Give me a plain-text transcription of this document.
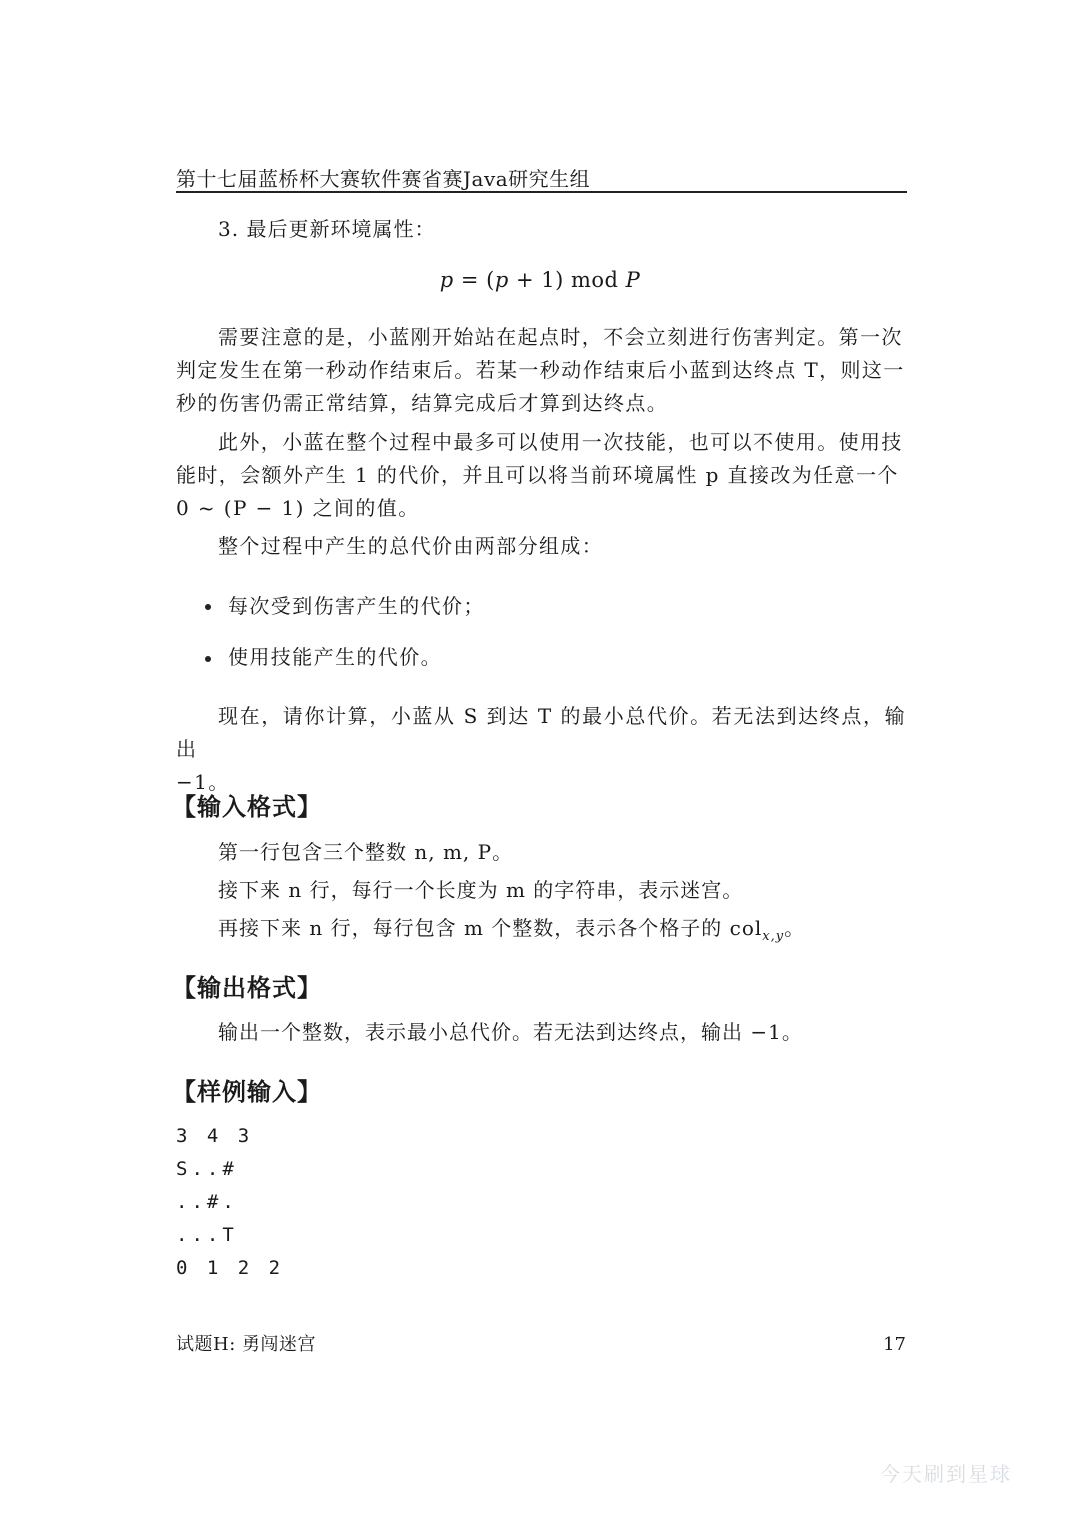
第十七届蓝桥杯大赛软件赛省赛Java研究生组
3. 最后更新环境属性：
p = (p + 1) mod P
需要注意的是，小蓝刚开始站在起点时，不会立刻进行伤害判定。第一次
判定发生在第一秒动作结束后。若某一秒动作结束后小蓝到达终点 T，则这一
秒的伤害仍需正常结算，结算完成后才算到达终点。
此外，小蓝在整个过程中最多可以使用一次技能，也可以不使用。使用技
能时，会额外产生 1 的代价，并且可以将当前环境属性 p 直接改为任意一个
0 ~ (P − 1) 之间的值。
整个过程中产生的总代价由两部分组成：
每次受到伤害产生的代价；
使用技能产生的代价。
现在，请你计算，小蓝从 S 到达 T 的最小总代价。若无法到达终点，输出
−1。
【输入格式】
第一行包含三个整数 n, m, P。
接下来 n 行，每行一个长度为 m 的字符串，表示迷宫。
再接下来 n 行，每行包含 m 个整数，表示各个格子的 col$_{x,y}$。
【输出格式】
输出一个整数，表示最小总代价。若无法到达终点，输出 −1。
【样例输入】
3 4 3
S..#
..#.
...T
0 1 2 2
试题H: 勇闯迷宫	17
今天刷到星球
